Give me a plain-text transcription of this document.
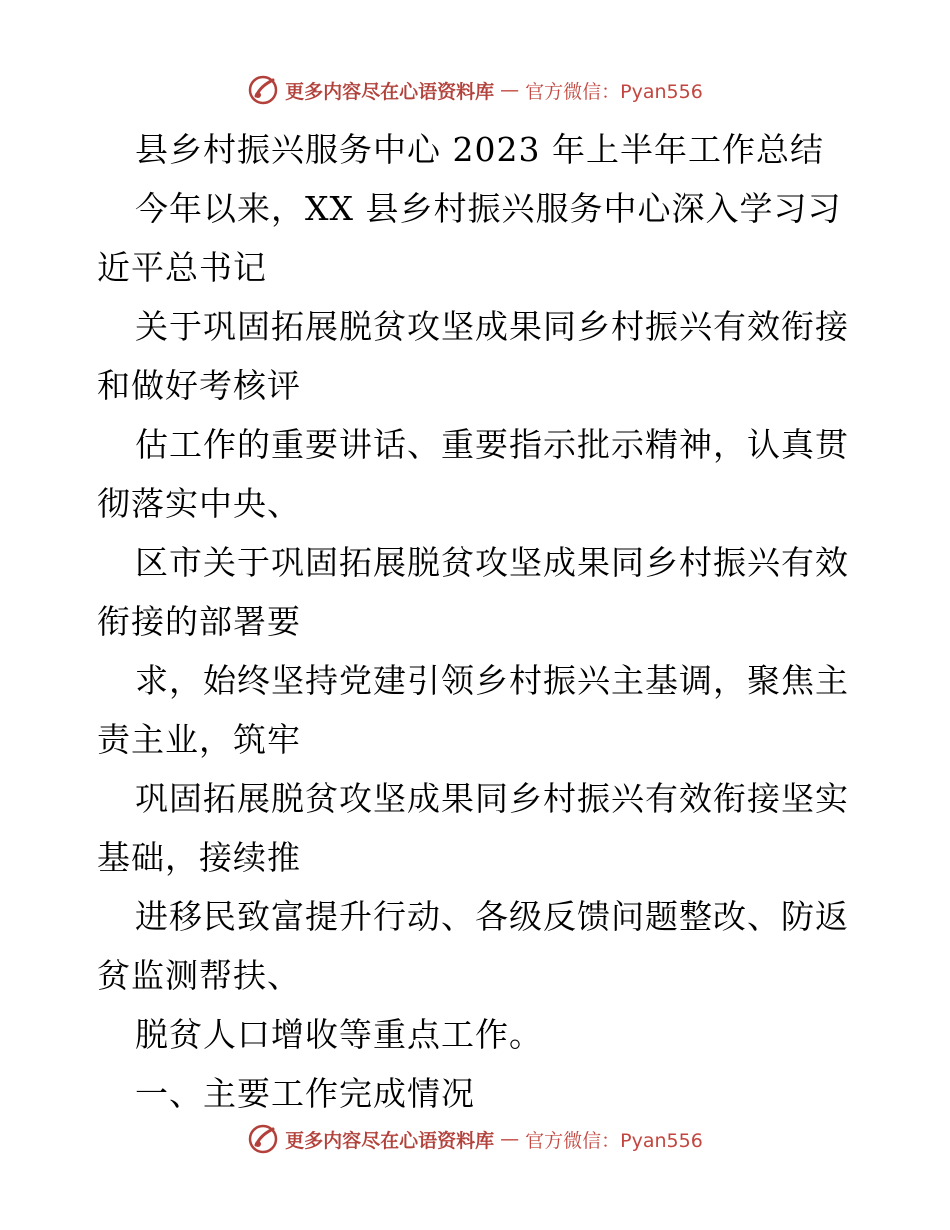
更多内容尽在心语资料库 — 官方微信：Pyan556
县乡村振兴服务中心 2023 年上半年工作总结
今年以来，XX 县乡村振兴服务中心深入学习习
近平总书记
关于巩固拓展脱贫攻坚成果同乡村振兴有效衔接
和做好考核评
估工作的重要讲话、重要指示批示精神，认真贯
彻落实中央、
区市关于巩固拓展脱贫攻坚成果同乡村振兴有效
衔接的部署要
求，始终坚持党建引领乡村振兴主基调，聚焦主
责主业，筑牢
巩固拓展脱贫攻坚成果同乡村振兴有效衔接坚实
基础，接续推
进移民致富提升行动、各级反馈问题整改、防返
贫监测帮扶、
脱贫人口增收等重点工作。
一、主要工作完成情况
更多内容尽在心语资料库 — 官方微信：Pyan556
